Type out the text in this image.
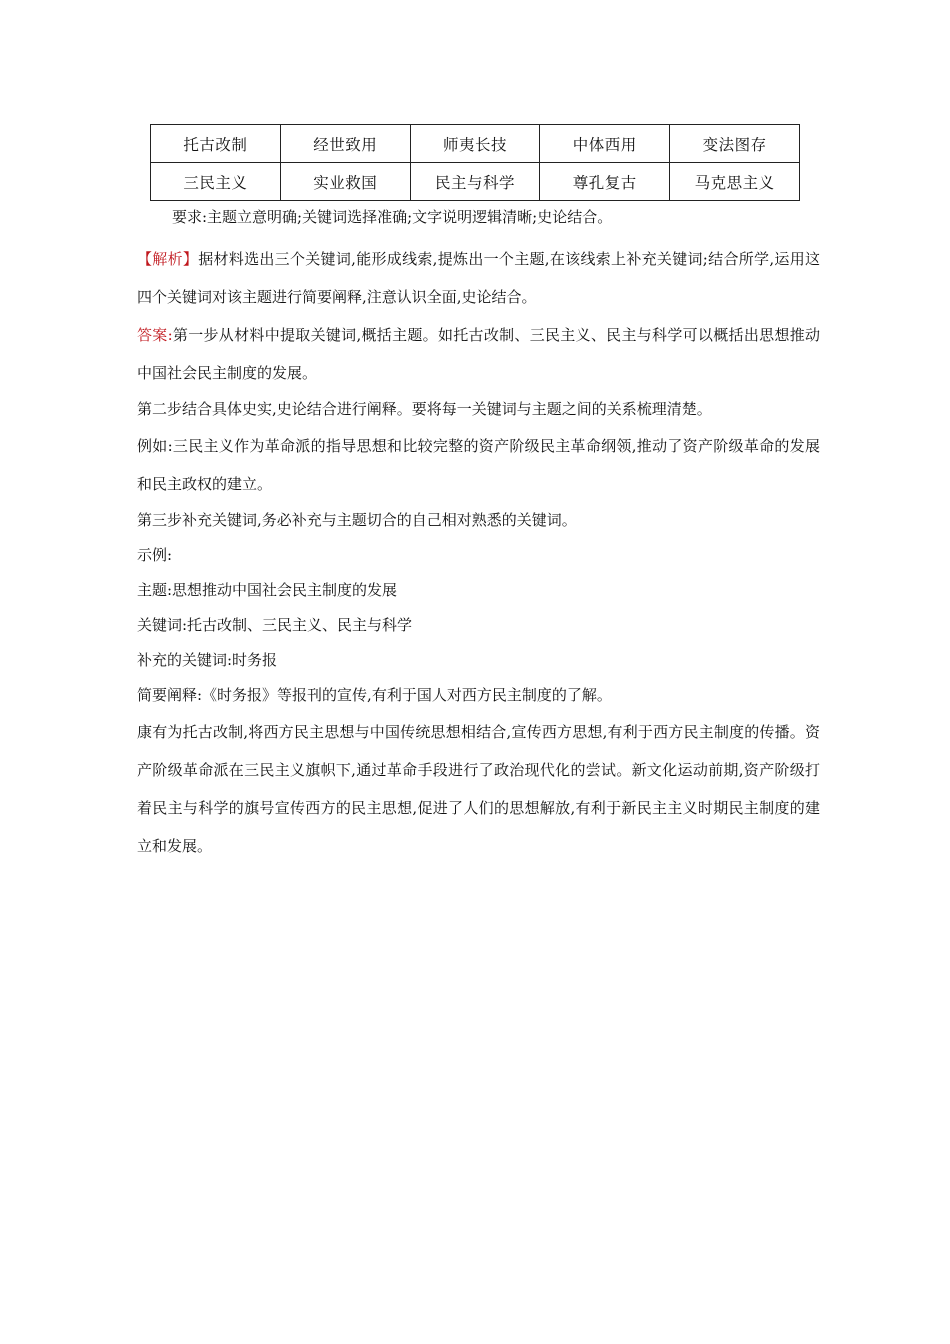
托古改制	经世致用	师夷长技	中体西用	变法图存
三民主义	实业救国	民主与科学	尊孔复古	马克思主义
要求:主题立意明确;关键词选择准确;文字说明逻辑清晰;史论结合。

【解析】据材料选出三个关键词,能形成线索,提炼出一个主题,在该线索上补充关键词;结合所学,运用这四个关键词对该主题进行简要阐释,注意认识全面,史论结合。

答案:第一步从材料中提取关键词,概括主题。如托古改制、三民主义、民主与科学可以概括出思想推动中国社会民主制度的发展。

第二步结合具体史实,史论结合进行阐释。要将每一关键词与主题之间的关系梳理清楚。

例如:三民主义作为革命派的指导思想和比较完整的资产阶级民主革命纲领,推动了资产阶级革命的发展和民主政权的建立。

第三步补充关键词,务必补充与主题切合的自己相对熟悉的关键词。

示例:

主题:思想推动中国社会民主制度的发展

关键词:托古改制、三民主义、民主与科学

补充的关键词:时务报

简要阐释:《时务报》等报刊的宣传,有利于国人对西方民主制度的了解。

康有为托古改制,将西方民主思想与中国传统思想相结合,宣传西方思想,有利于西方民主制度的传播。资产阶级革命派在三民主义旗帜下,通过革命手段进行了政治现代化的尝试。新文化运动前期,资产阶级打着民主与科学的旗号宣传西方的民主思想,促进了人们的思想解放,有利于新民主主义时期民主制度的建立和发展。
